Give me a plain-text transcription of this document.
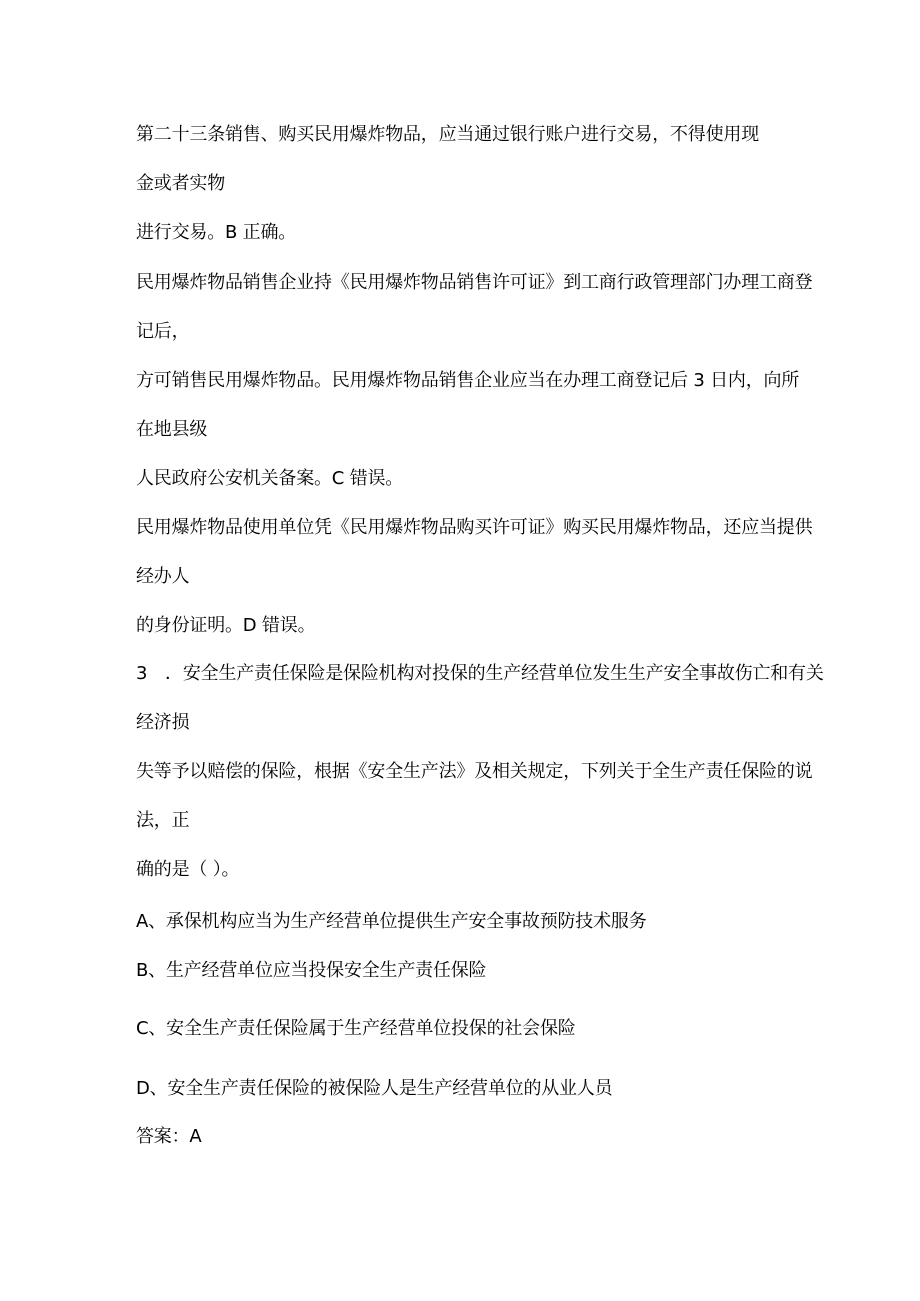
第二十三条销售、购买民用爆炸物品，应当通过银行账户进行交易，不得使用现
金或者实物
进行交易。B 正确。
民用爆炸物品销售企业持《民用爆炸物品销售许可证》到工商行政管理部门办理工商登
记后，
方可销售民用爆炸物品。民用爆炸物品销售企业应当在办理工商登记后 3 日内，向所
在地县级
人民政府公安机关备案。C 错误。
民用爆炸物品使用单位凭《民用爆炸物品购买许可证》购买民用爆炸物品，还应当提供
经办人
的身份证明。D 错误。
3　．安全生产责任保险是保险机构对投保的生产经营单位发生生产安全事故伤亡和有关
经济损
失等予以赔偿的保险，根据《安全生产法》及相关规定，下列关于全生产责任保险的说
法，正
确的是（ ）。
A、承保机构应当为生产经营单位提供生产安全事故预防技术服务
B、生产经营单位应当投保安全生产责任保险
C、安全生产责任保险属于生产经营单位投保的社会保险
D、安全生产责任保险的被保险人是生产经营单位的从业人员
答案：A
